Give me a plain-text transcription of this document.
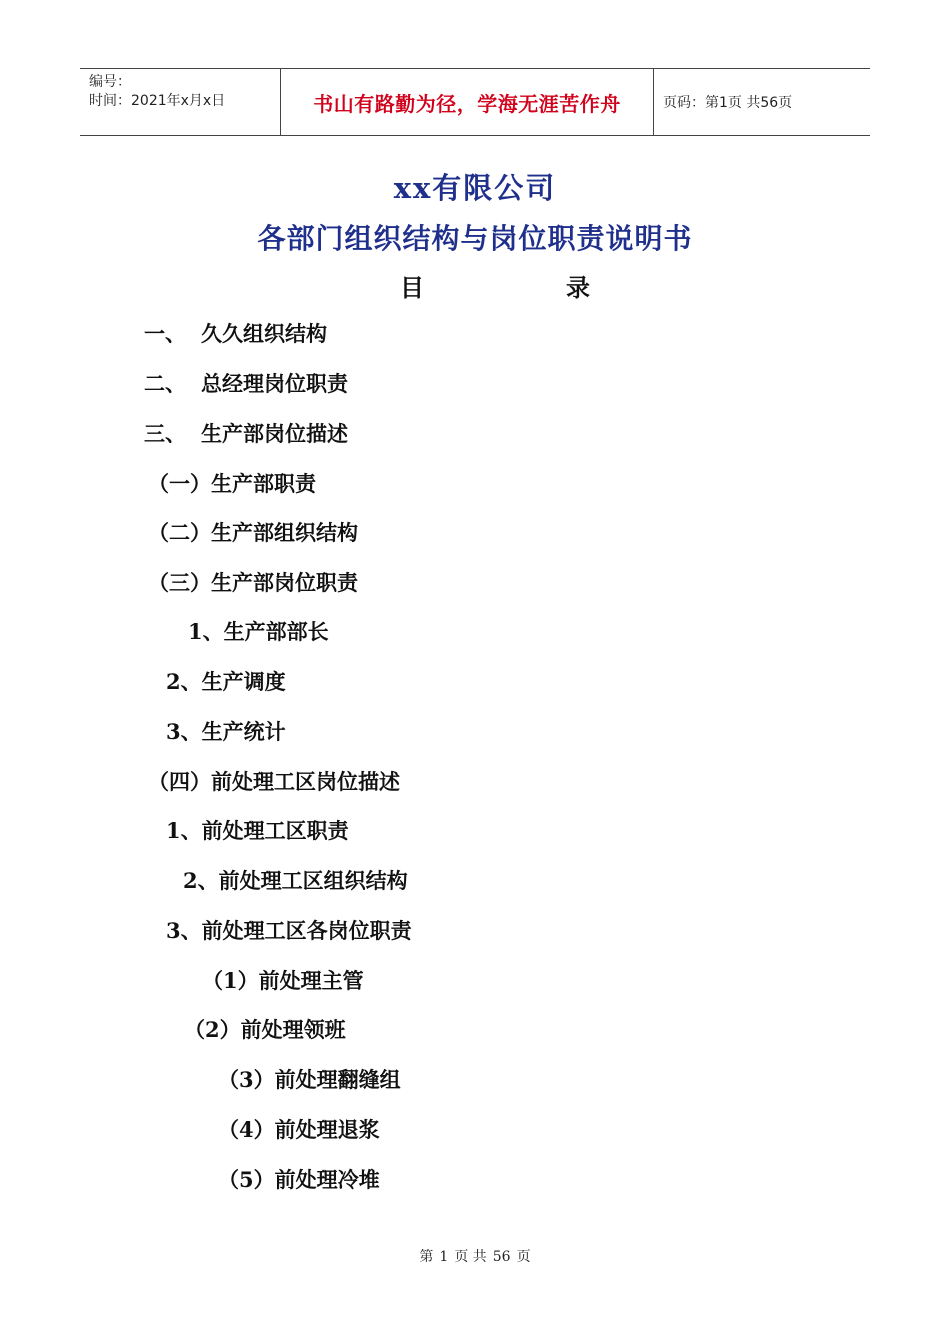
编号：
时间：2021年x月x日	书山有路勤为径，学海无涯苦作舟	页码：第1页 共56页
xx有限公司
各部门组织结构与岗位职责说明书
目	录
一、 久久组织结构
二、 总经理岗位职责
三、 生产部岗位描述
（一）生产部职责
（二）生产部组织结构
（三）生产部岗位职责
1、生产部部长
2、生产调度
3、生产统计
（四）前处理工区岗位描述
1、前处理工区职责
2、前处理工区组织结构
3、前处理工区各岗位职责
（1）前处理主管
（2）前处理领班
（3）前处理翻缝组
（4）前处理退浆
（5）前处理冷堆
第 1 页 共 56 页
